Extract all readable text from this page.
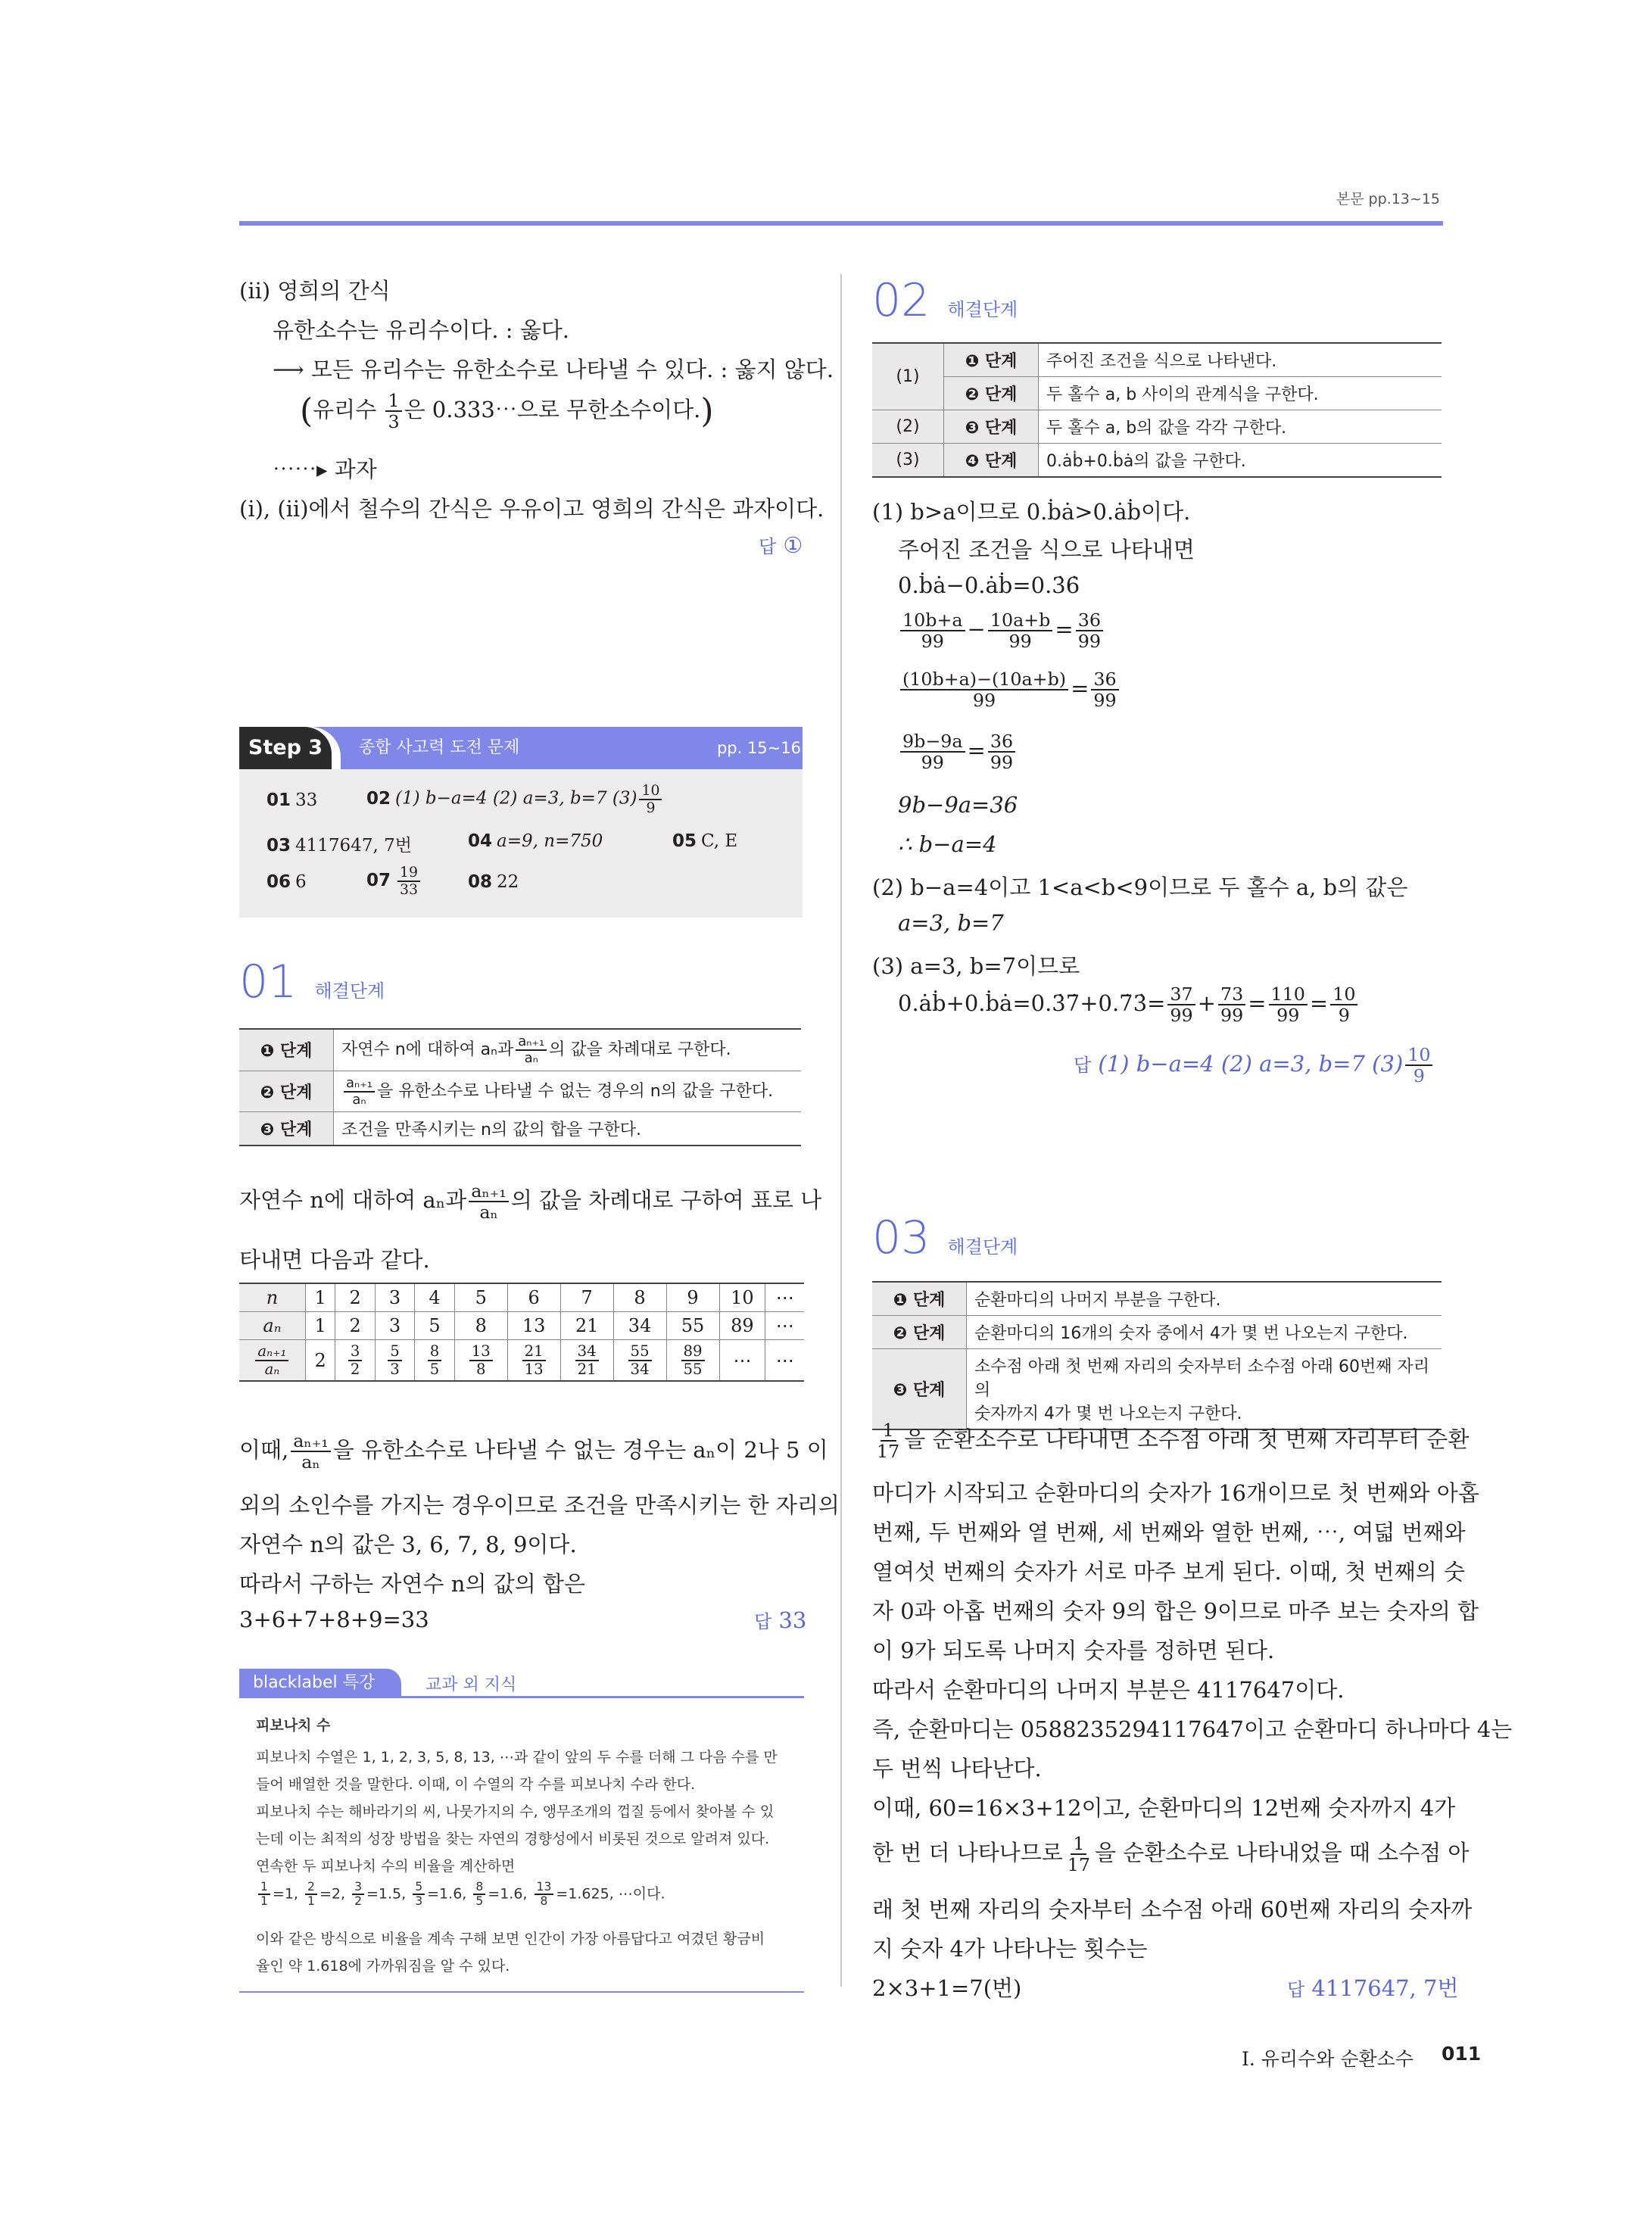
본문 pp.13~15
(ⅱ) 영희의 간식
유한소수는 유리수이다. : 옳다.
⟶ 모든 유리수는 유한소수로 나타낼 수 있다. : 옳지 않다.
(유리수 $\frac{1}{3}$ 은 0.333⋯으로 무한소수이다.)
⋯⋯▸ 과자
(ⅰ), (ⅱ)에서 철수의 간식은 우유이고 영희의 간식은 과자이다.
답 ①
Step 3	종합 사고력 도전 문제	pp. 15~16
01 33	02 (1) b−a=4 (2) a=3, b=7 $(3) \frac{10}{9}$
03 4117647, 7번	04 a=9, n=750	05 C, E
06 6	$07 \frac{19}{33}$	08 22
01 해결단계
❶ 단계	자연수 n에 대하여 aₙ과 $\frac{\text{aₙ₊₁}}{\text{aₙ}}$ 의 값을 차례대로 구한다.
❷ 단계	$\frac{\text{aₙ₊₁}}{\text{aₙ}}$ 을 유한소수로 나타낼 수 없는 경우의 n의 값을 구한다.
❸ 단계	조건을 만족시키는 n의 값의 합을 구한다.
자연수 n에 대하여 aₙ과 $\frac{\text{aₙ₊₁}}{\text{aₙ}}$ 의 값을 차례대로 구하여 표로 나
타내면 다음과 같다.
n	1	2	3	4	5	6	7	8	9	10	⋯
aₙ	1	2	3	5	8	13	21	34	55	89	⋯

$\frac{\text{aₙ₊₁}}{\text{aₙ}}$	2	$\frac{3}{2}$	$\frac{5}{3}$	$\frac{8}{5}$	$\frac{13}{8}$	$\frac{21}{13}$	$\frac{34}{21}$	$\frac{55}{34}$	$\frac{89}{55}$	⋯	⋯
이때, $\frac{\text{aₙ₊₁}}{\text{aₙ}}$ 을 유한소수로 나타낼 수 없는 경우는 aₙ이 2나 5 이
외의 소인수를 가지는 경우이므로 조건을 만족시키는 한 자리의
자연수 n의 값은 3, 6, 7, 8, 9이다.
따라서 구하는 자연수 n의 값의 합은
3+6+7+8+9=33	답 33
blacklabel 특강	교과 외 지식
피보나치 수
피보나치 수열은 1, 1, 2, 3, 5, 8, 13, ⋯과 같이 앞의 두 수를 더해 그 다음 수를 만
들어 배열한 것을 말한다. 이때, 이 수열의 각 수를 피보나치 수라 한다.
피보나치 수는 해바라기의 씨, 나뭇가지의 수, 앵무조개의 껍질 등에서 찾아볼 수 있
는데 이는 최적의 성장 방법을 찾는 자연의 경향성에서 비롯된 것으로 알려져 있다.
연속한 두 피보나치 수의 비율을 계산하면
$\frac{1}{1} =1$, $\frac{2}{1} =2$, $\frac{3}{2} =1.5$, $\frac{5}{3}$ =1.6̇, $\frac{8}{5} =1.6$, $\frac{13}{8} =1.625$, ⋯이다.
이와 같은 방식으로 비율을 계속 구해 보면 인간이 가장 아름답다고 여겼던 황금비
율인 약 1.618에 가까워짐을 알 수 있다.
02 해결단계
(1)	❶ 단계	주어진 조건을 식으로 나타낸다.
	❷ 단계	두 홀수 a, b 사이의 관계식을 구한다.
(2)	❸ 단계	두 홀수 a, b의 값을 각각 구한다.
(3)	❹ 단계	0.ȧḃ+0.ḃȧ의 값을 구한다.
(1) b>a이므로 0.ḃȧ>0.ȧḃ이다.
주어진 조건을 식으로 나타내면
0.ḃȧ−0.ȧḃ=0.3̇6̇
$\frac{10b+a}{99} - \frac{10a+b}{99} = \frac{36}{99}$
$\frac{(10b+a)-(10a+b)}{99} = \frac{36}{99}$
$\frac{9b-9a}{99} = \frac{36}{99}$
9b−9a=36
∴ b−a=4
(2) b−a=4이고 1<a<b<9이므로 두 홀수 a, b의 값은
a=3, b=7
(3) a=3, b=7이므로
0.ȧḃ+0.ḃȧ=0.3̇7̇+0.7̇3̇= $\frac{37}{99} + \frac{73}{99} = \frac{110}{99} = \frac{10}{9}$
답 (1) b−a=4 (2) a=3, b=7 $(3) \frac{10}{9}$
03 해결단계
❶ 단계	순환마디의 나머지 부분을 구한다.
❷ 단계	순환마디의 16개의 숫자 중에서 4가 몇 번 나오는지 구한다.
❸ 단계	소수점 아래 첫 번째 자리의 숫자부터 소수점 아래 60번째 자리의
숫자까지 4가 몇 번 나오는지 구한다.
$\frac{1}{17}$ 을 순환소수로 나타내면 소수점 아래 첫 번째 자리부터 순환
마디가 시작되고 순환마디의 숫자가 16개이므로 첫 번째와 아홉
번째, 두 번째와 열 번째, 세 번째와 열한 번째, ⋯, 여덟 번째와
열여섯 번째의 숫자가 서로 마주 보게 된다. 이때, 첫 번째의 숫
자 0과 아홉 번째의 숫자 9의 합은 9이므로 마주 보는 숫자의 합
이 9가 되도록 나머지 숫자를 정하면 된다.
따라서 순환마디의 나머지 부분은 4117647이다.
즉, 순환마디는 0588235294117647이고 순환마디 하나마다 4는
두 번씩 나타난다.
이때, 60=16×3+12이고, 순환마디의 12번째 숫자까지 4가
한 번 더 나타나므로 $\frac{1}{17}$ 을 순환소수로 나타내었을 때 소수점 아
래 첫 번째 자리의 숫자부터 소수점 아래 60번째 자리의 숫자까
지 숫자 4가 나타나는 횟수는
2×3+1=7(번)	답 4117647, 7번
Ⅰ. 유리수와 순환소수 011
